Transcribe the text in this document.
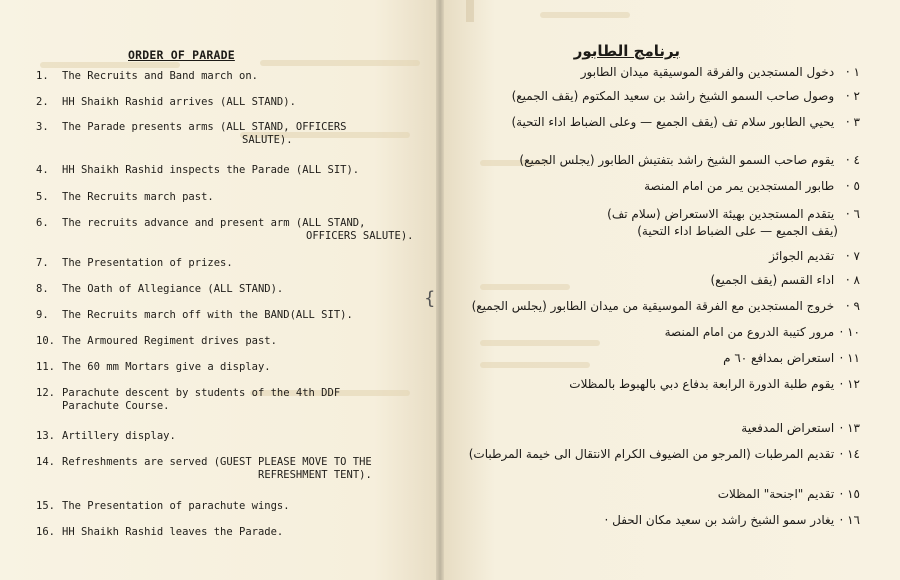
ORDER OF PARADE
1. The Recruits and Band march on.
2. HH Shaikh Rashid arrives (ALL STAND).
3. The Parade presents arms (ALL STAND, OFFICERS
SALUTE).
4. HH Shaikh Rashid inspects the Parade (ALL SIT).
5. The Recruits march past.
6. The recruits advance and present arm (ALL STAND,
OFFICERS SALUTE).
7. The Presentation of prizes.
8. The Oath of Allegiance (ALL STAND).
9. The Recruits march off with the BAND(ALL SIT).
10. The Armoured Regiment drives past.
11. The 60 mm Mortars give a display.
12. Parachute descent by students of the 4th DDF
Parachute Course.
13. Artillery display.
14. Refreshments are served (GUEST PLEASE MOVE TO THE
REFRESHMENT TENT).
15. The Presentation of parachute wings.
16. HH Shaikh Rashid leaves the Parade.
{
برنامج الطابور
١ · دخول المستجدين والفرقة الموسيقية ميدان الطابور
٢ · وصول صاحب السمو الشيخ راشد بن سعيد المكتوم (يقف الجميع)
٣ · يحيي الطابور سلام تف (يقف الجميع — وعلى الضباط اداء التحية)
٤ · يقوم صاحب السمو الشيخ راشد بتفتيش الطابور (يجلس الجميع)
٥ · طابور المستجدين يمر من امام المنصة
٦ · يتقدم المستجدين بهيئة الاستعراض (سلام تف)
(يقف الجميع — على الضباط اداء التحية)
٧ · تقديم الجوائز
٨ · اداء القسم (يقف الجميع)
٩ · خروج المستجدين مع الفرقة الموسيقية من ميدان الطابور (يجلس الجميع)
١٠ · مرور كتيبة الدروع من امام المنصة
١١ · استعراض بمدافع ٦٠ م
١٢ · يقوم طلبة الدورة الرابعة بدفاع دبي بالهبوط بالمظلات
١٣ · استعراض المدفعية
١٤ · تقديم المرطبات (المرجو من الضيوف الكرام الانتقال الى خيمة المرطبات)
١٥ · تقديم "اجنحة" المظلات
١٦ · يغادر سمو الشيخ راشد بن سعيد مكان الحفل ·
